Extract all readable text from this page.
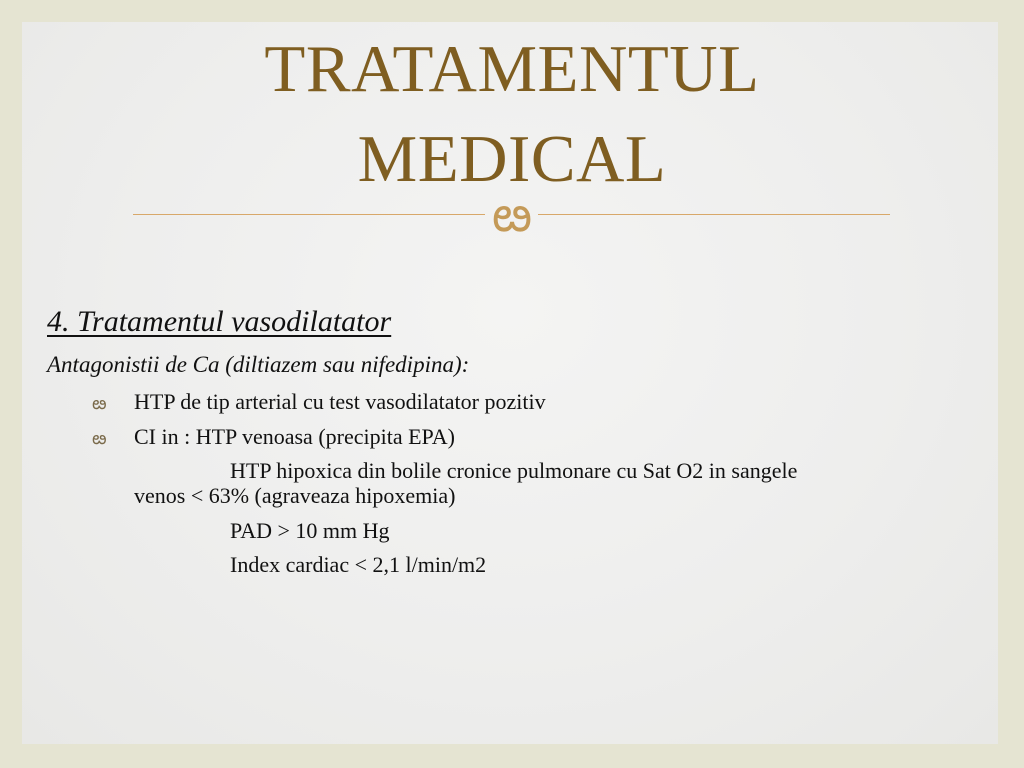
TRATAMENTUL
MEDICAL
ఴ
4. Tratamentul vasodilatator
Antagonistii de Ca (diltiazem sau nifedipina):
ఴ	HTP de tip arterial cu test vasodilatator pozitiv
ఴ	CI in : HTP venoasa (precipita EPA)
HTP hipoxica din bolile cronice pulmonare cu Sat O2 in sangele
venos < 63% (agraveaza hipoxemia)
PAD > 10 mm Hg
Index cardiac < 2,1 l/min/m2
